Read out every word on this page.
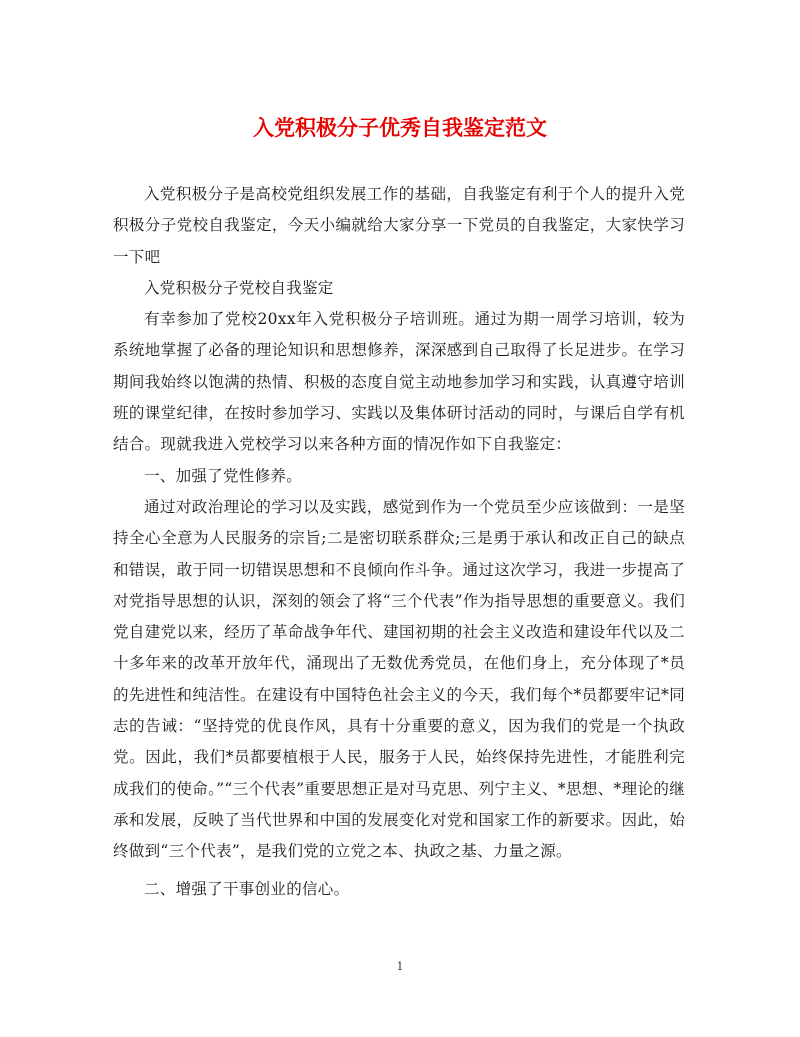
入党积极分子优秀自我鉴定范文

入党积极分子是高校党组织发展工作的基础，自我鉴定有利于个人的提升入党积极分子党校自我鉴定，今天小编就给大家分享一下党员的自我鉴定，大家快学习一下吧

入党积极分子党校自我鉴定

有幸参加了党校20xx年入党积极分子培训班。通过为期一周学习培训，较为系统地掌握了必备的理论知识和思想修养，深深感到自己取得了长足进步。在学习期间我始终以饱满的热情、积极的态度自觉主动地参加学习和实践，认真遵守培训班的课堂纪律，在按时参加学习、实践以及集体研讨活动的同时，与课后自学有机结合。现就我进入党校学习以来各种方面的情况作如下自我鉴定：

一、加强了党性修养。

通过对政治理论的学习以及实践，感觉到作为一个党员至少应该做到：一是坚持全心全意为人民服务的宗旨;二是密切联系群众;三是勇于承认和改正自己的缺点和错误，敢于同一切错误思想和不良倾向作斗争。通过这次学习，我进一步提高了对党指导思想的认识，深刻的领会了将“三个代表”作为指导思想的重要意义。我们党自建党以来，经历了革命战争年代、建国初期的社会主义改造和建设年代以及二十多年来的改革开放年代，涌现出了无数优秀党员，在他们身上，充分体现了*员的先进性和纯洁性。在建设有中国特色社会主义的今天，我们每个*员都要牢记*同志的告诫：“坚持党的优良作风，具有十分重要的意义，因为我们的党是一个执政党。因此，我们*员都要植根于人民，服务于人民，始终保持先进性，才能胜利完成我们的使命。”“三个代表”重要思想正是对马克思、列宁主义、*思想、*理论的继承和发展，反映了当代世界和中国的发展变化对党和国家工作的新要求。因此，始终做到“三个代表”，是我们党的立党之本、执政之基、力量之源。

二、增强了干事创业的信心。

1
